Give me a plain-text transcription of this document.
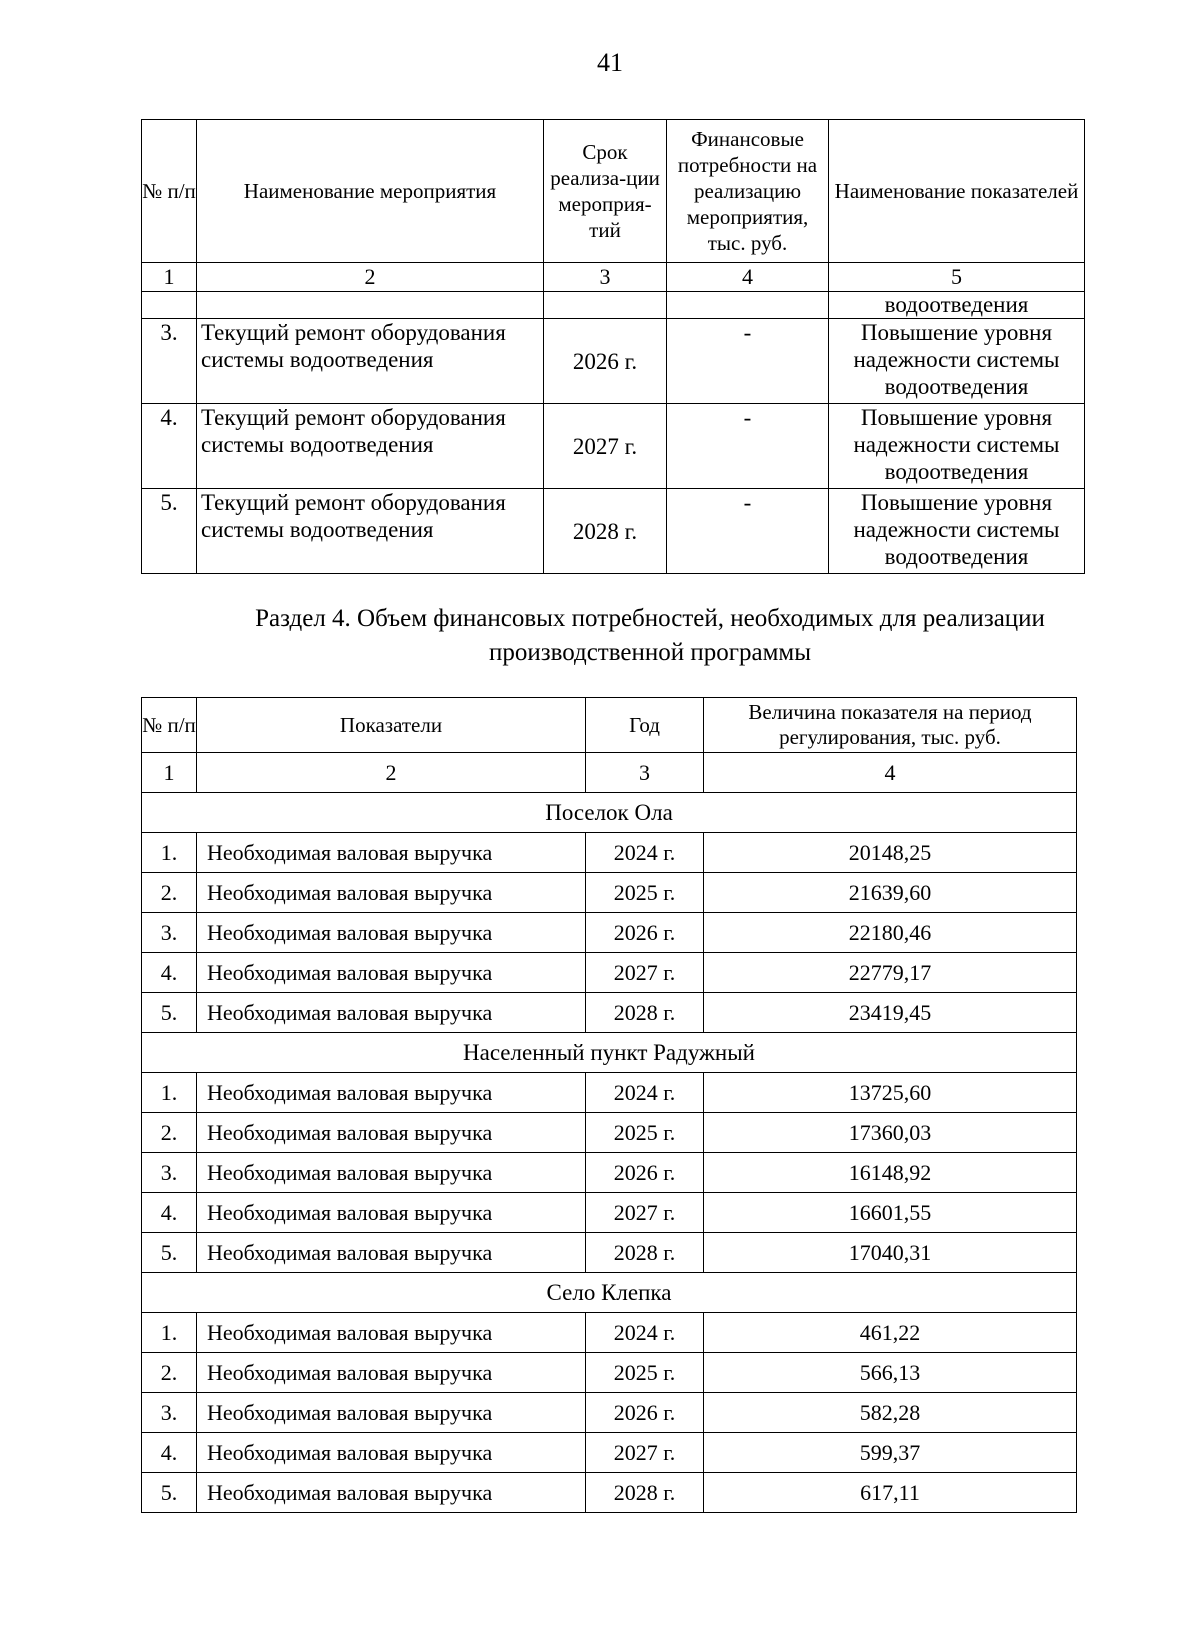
41
№ п/п	Наименование мероприятия	Срок реализа-ции мероприя-тий	Финансовые потребности на реализацию мероприятия, тыс. руб.	Наименование показателей
1	2	3	4	5
				водоотведения
3.	Текущий ремонт оборудования системы водоотведения	2026 г.	-	Повышение уровня надежности системы водоотведения
4.	Текущий ремонт оборудования системы водоотведения	2027 г.	-	Повышение уровня надежности системы водоотведения
5.	Текущий ремонт оборудования системы водоотведения	2028 г.	-	Повышение уровня надежности системы водоотведения
Раздел 4. Объем финансовых потребностей, необходимых для реализации производственной программы
№ п/п	Показатели	Год	Величина показателя на период регулирования, тыс. руб.
1	2	3	4
Поселок Ола			
1.	Необходимая валовая выручка	2024 г.	20148,25
2.	Необходимая валовая выручка	2025 г.	21639,60
3.	Необходимая валовая выручка	2026 г.	22180,46
4.	Необходимая валовая выручка	2027 г.	22779,17
5.	Необходимая валовая выручка	2028 г.	23419,45
Населенный пункт Радужный			
1.	Необходимая валовая выручка	2024 г.	13725,60
2.	Необходимая валовая выручка	2025 г.	17360,03
3.	Необходимая валовая выручка	2026 г.	16148,92
4.	Необходимая валовая выручка	2027 г.	16601,55
5.	Необходимая валовая выручка	2028 г.	17040,31
Село Клепка			
1.	Необходимая валовая выручка	2024 г.	461,22
2.	Необходимая валовая выручка	2025 г.	566,13
3.	Необходимая валовая выручка	2026 г.	582,28
4.	Необходимая валовая выручка	2027 г.	599,37
5.	Необходимая валовая выручка	2028 г.	617,11
